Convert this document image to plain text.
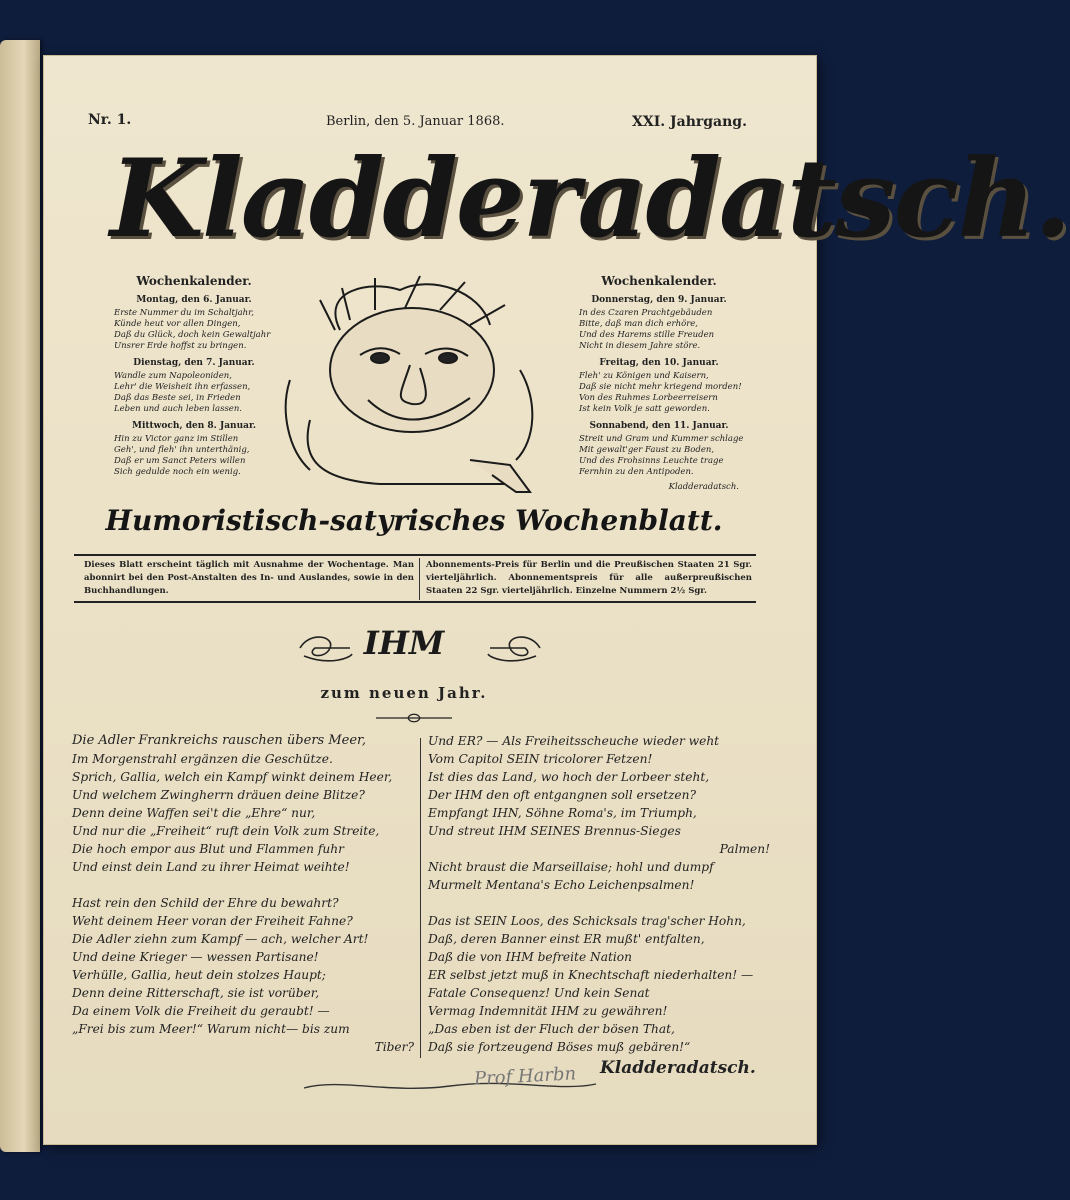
Nr. 1.	Berlin, den 5. Januar 1868.	XXI. Jahrgang.
Kladderadatsch.
Wochenkalender.
Montag, den 6. Januar.
Erste Nummer du im Schaltjahr,
Künde heut vor allen Dingen,
Daß du Glück, doch kein Gewaltjahr
Unsrer Erde hoffst zu bringen.
Dienstag, den 7. Januar.
Wandle zum Napoleoniden,
Lehr' die Weisheit ihn erfassen,
Daß das Beste sei, in Frieden
Leben und auch leben lassen.
Mittwoch, den 8. Januar.
Hin zu Victor ganz im Stillen
Geh', und fleh' ihn unterthänig,
Daß er um Sanct Peters willen
Sich gedulde noch ein wenig.
Wochenkalender.
Donnerstag, den 9. Januar.
In des Czaren Prachtgebäuden
Bitte, daß man dich erhöre,
Und des Harems stille Freuden
Nicht in diesem Jahre störe.
Freitag, den 10. Januar.
Fleh' zu Königen und Kaisern,
Daß sie nicht mehr kriegend morden!
Von des Ruhmes Lorbeerreisern
Ist kein Volk je satt geworden.
Sonnabend, den 11. Januar.
Streit und Gram und Kummer schlage
Mit gewalt'ger Faust zu Boden,
Und des Frohsinns Leuchte trage
Fernhin zu den Antipoden.
Kladderadatsch.
Humoristisch-satyrisches Wochenblatt.
Dieses Blatt erscheint täglich mit Ausnahme der Wochentage. Man abonnirt bei den Post-Anstalten des In- und Auslandes, sowie in den Buchhandlungen.
Abonnements-Preis für Berlin und die Preußischen Staaten 21 Sgr. vierteljährlich. Abonnementspreis für alle außerpreußischen Staaten 22 Sgr. vierteljährlich. Einzelne Nummern 2½ Sgr.
IHM
zum neuen Jahr.
Die Adler Frankreichs rauschen übers Meer,
Im Morgenstrahl ergänzen die Geschütze.
Sprich, Gallia, welch ein Kampf winkt deinem Heer,
Und welchem Zwingherrn dräuen deine Blitze?
Denn deine Waffen sei't die „Ehre“ nur,
Und nur die „Freiheit“ ruft dein Volk zum Streite,
Die hoch empor aus Blut und Flammen fuhr
Und einst dein Land zu ihrer Heimat weihte!
Hast rein den Schild der Ehre du bewahrt?
Weht deinem Heer voran der Freiheit Fahne?
Die Adler ziehn zum Kampf — ach, welcher Art!
Und deine Krieger — wessen Partisane!
Verhülle, Gallia, heut dein stolzes Haupt;
Denn deine Ritterschaft, sie ist vorüber,
Da einem Volk die Freiheit du geraubt! —
„Frei bis zum Meer!“ Warum nicht— bis zum
Tiber?
Und ER? — Als Freiheitsscheuche wieder weht
Vom Capitol SEIN tricolorer Fetzen!
Ist dies das Land, wo hoch der Lorbeer steht,
Der IHM den oft entgangnen soll ersetzen?
Empfangt IHN, Söhne Roma's, im Triumph,
Und streut IHM SEINES Brennus-Sieges
Palmen!
Nicht braust die Marseillaise; hohl und dumpf
Murmelt Mentana's Echo Leichenpsalmen!
Das ist SEIN Loos, des Schicksals trag'scher Hohn,
Daß, deren Banner einst ER mußt' entfalten,
Daß die von IHM befreite Nation
ER selbst jetzt muß in Knechtschaft niederhalten! —
Fatale Consequenz! Und kein Senat
Vermag Indemnität IHM zu gewähren!
„Das eben ist der Fluch der bösen That,
Daß sie fortzeugend Böses muß gebären!“
Prof Harbn Kladderadatsch.
